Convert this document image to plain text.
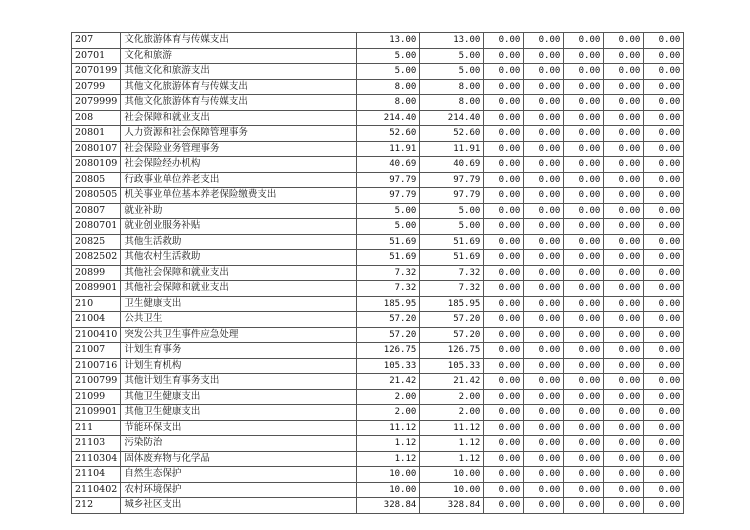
207	文化旅游体育与传媒支出	13.00	13.00	0.00	0.00	0.00	0.00	0.00
20701	文化和旅游	5.00	5.00	0.00	0.00	0.00	0.00	0.00
2070199	其他文化和旅游支出	5.00	5.00	0.00	0.00	0.00	0.00	0.00
20799	其他文化旅游体育与传媒支出	8.00	8.00	0.00	0.00	0.00	0.00	0.00
2079999	其他文化旅游体育与传媒支出	8.00	8.00	0.00	0.00	0.00	0.00	0.00
208	社会保障和就业支出	214.40	214.40	0.00	0.00	0.00	0.00	0.00
20801	人力资源和社会保障管理事务	52.60	52.60	0.00	0.00	0.00	0.00	0.00
2080107	社会保险业务管理事务	11.91	11.91	0.00	0.00	0.00	0.00	0.00
2080109	社会保险经办机构	40.69	40.69	0.00	0.00	0.00	0.00	0.00
20805	行政事业单位养老支出	97.79	97.79	0.00	0.00	0.00	0.00	0.00
2080505	机关事业单位基本养老保险缴费支出	97.79	97.79	0.00	0.00	0.00	0.00	0.00
20807	就业补助	5.00	5.00	0.00	0.00	0.00	0.00	0.00
2080701	就业创业服务补贴	5.00	5.00	0.00	0.00	0.00	0.00	0.00
20825	其他生活救助	51.69	51.69	0.00	0.00	0.00	0.00	0.00
2082502	其他农村生活救助	51.69	51.69	0.00	0.00	0.00	0.00	0.00
20899	其他社会保障和就业支出	7.32	7.32	0.00	0.00	0.00	0.00	0.00
2089901	其他社会保障和就业支出	7.32	7.32	0.00	0.00	0.00	0.00	0.00
210	卫生健康支出	185.95	185.95	0.00	0.00	0.00	0.00	0.00
21004	公共卫生	57.20	57.20	0.00	0.00	0.00	0.00	0.00
2100410	突发公共卫生事件应急处理	57.20	57.20	0.00	0.00	0.00	0.00	0.00
21007	计划生育事务	126.75	126.75	0.00	0.00	0.00	0.00	0.00
2100716	计划生育机构	105.33	105.33	0.00	0.00	0.00	0.00	0.00
2100799	其他计划生育事务支出	21.42	21.42	0.00	0.00	0.00	0.00	0.00
21099	其他卫生健康支出	2.00	2.00	0.00	0.00	0.00	0.00	0.00
2109901	其他卫生健康支出	2.00	2.00	0.00	0.00	0.00	0.00	0.00
211	节能环保支出	11.12	11.12	0.00	0.00	0.00	0.00	0.00
21103	污染防治	1.12	1.12	0.00	0.00	0.00	0.00	0.00
2110304	固体废弃物与化学品	1.12	1.12	0.00	0.00	0.00	0.00	0.00
21104	自然生态保护	10.00	10.00	0.00	0.00	0.00	0.00	0.00
2110402	农村环境保护	10.00	10.00	0.00	0.00	0.00	0.00	0.00
212	城乡社区支出	328.84	328.84	0.00	0.00	0.00	0.00	0.00
